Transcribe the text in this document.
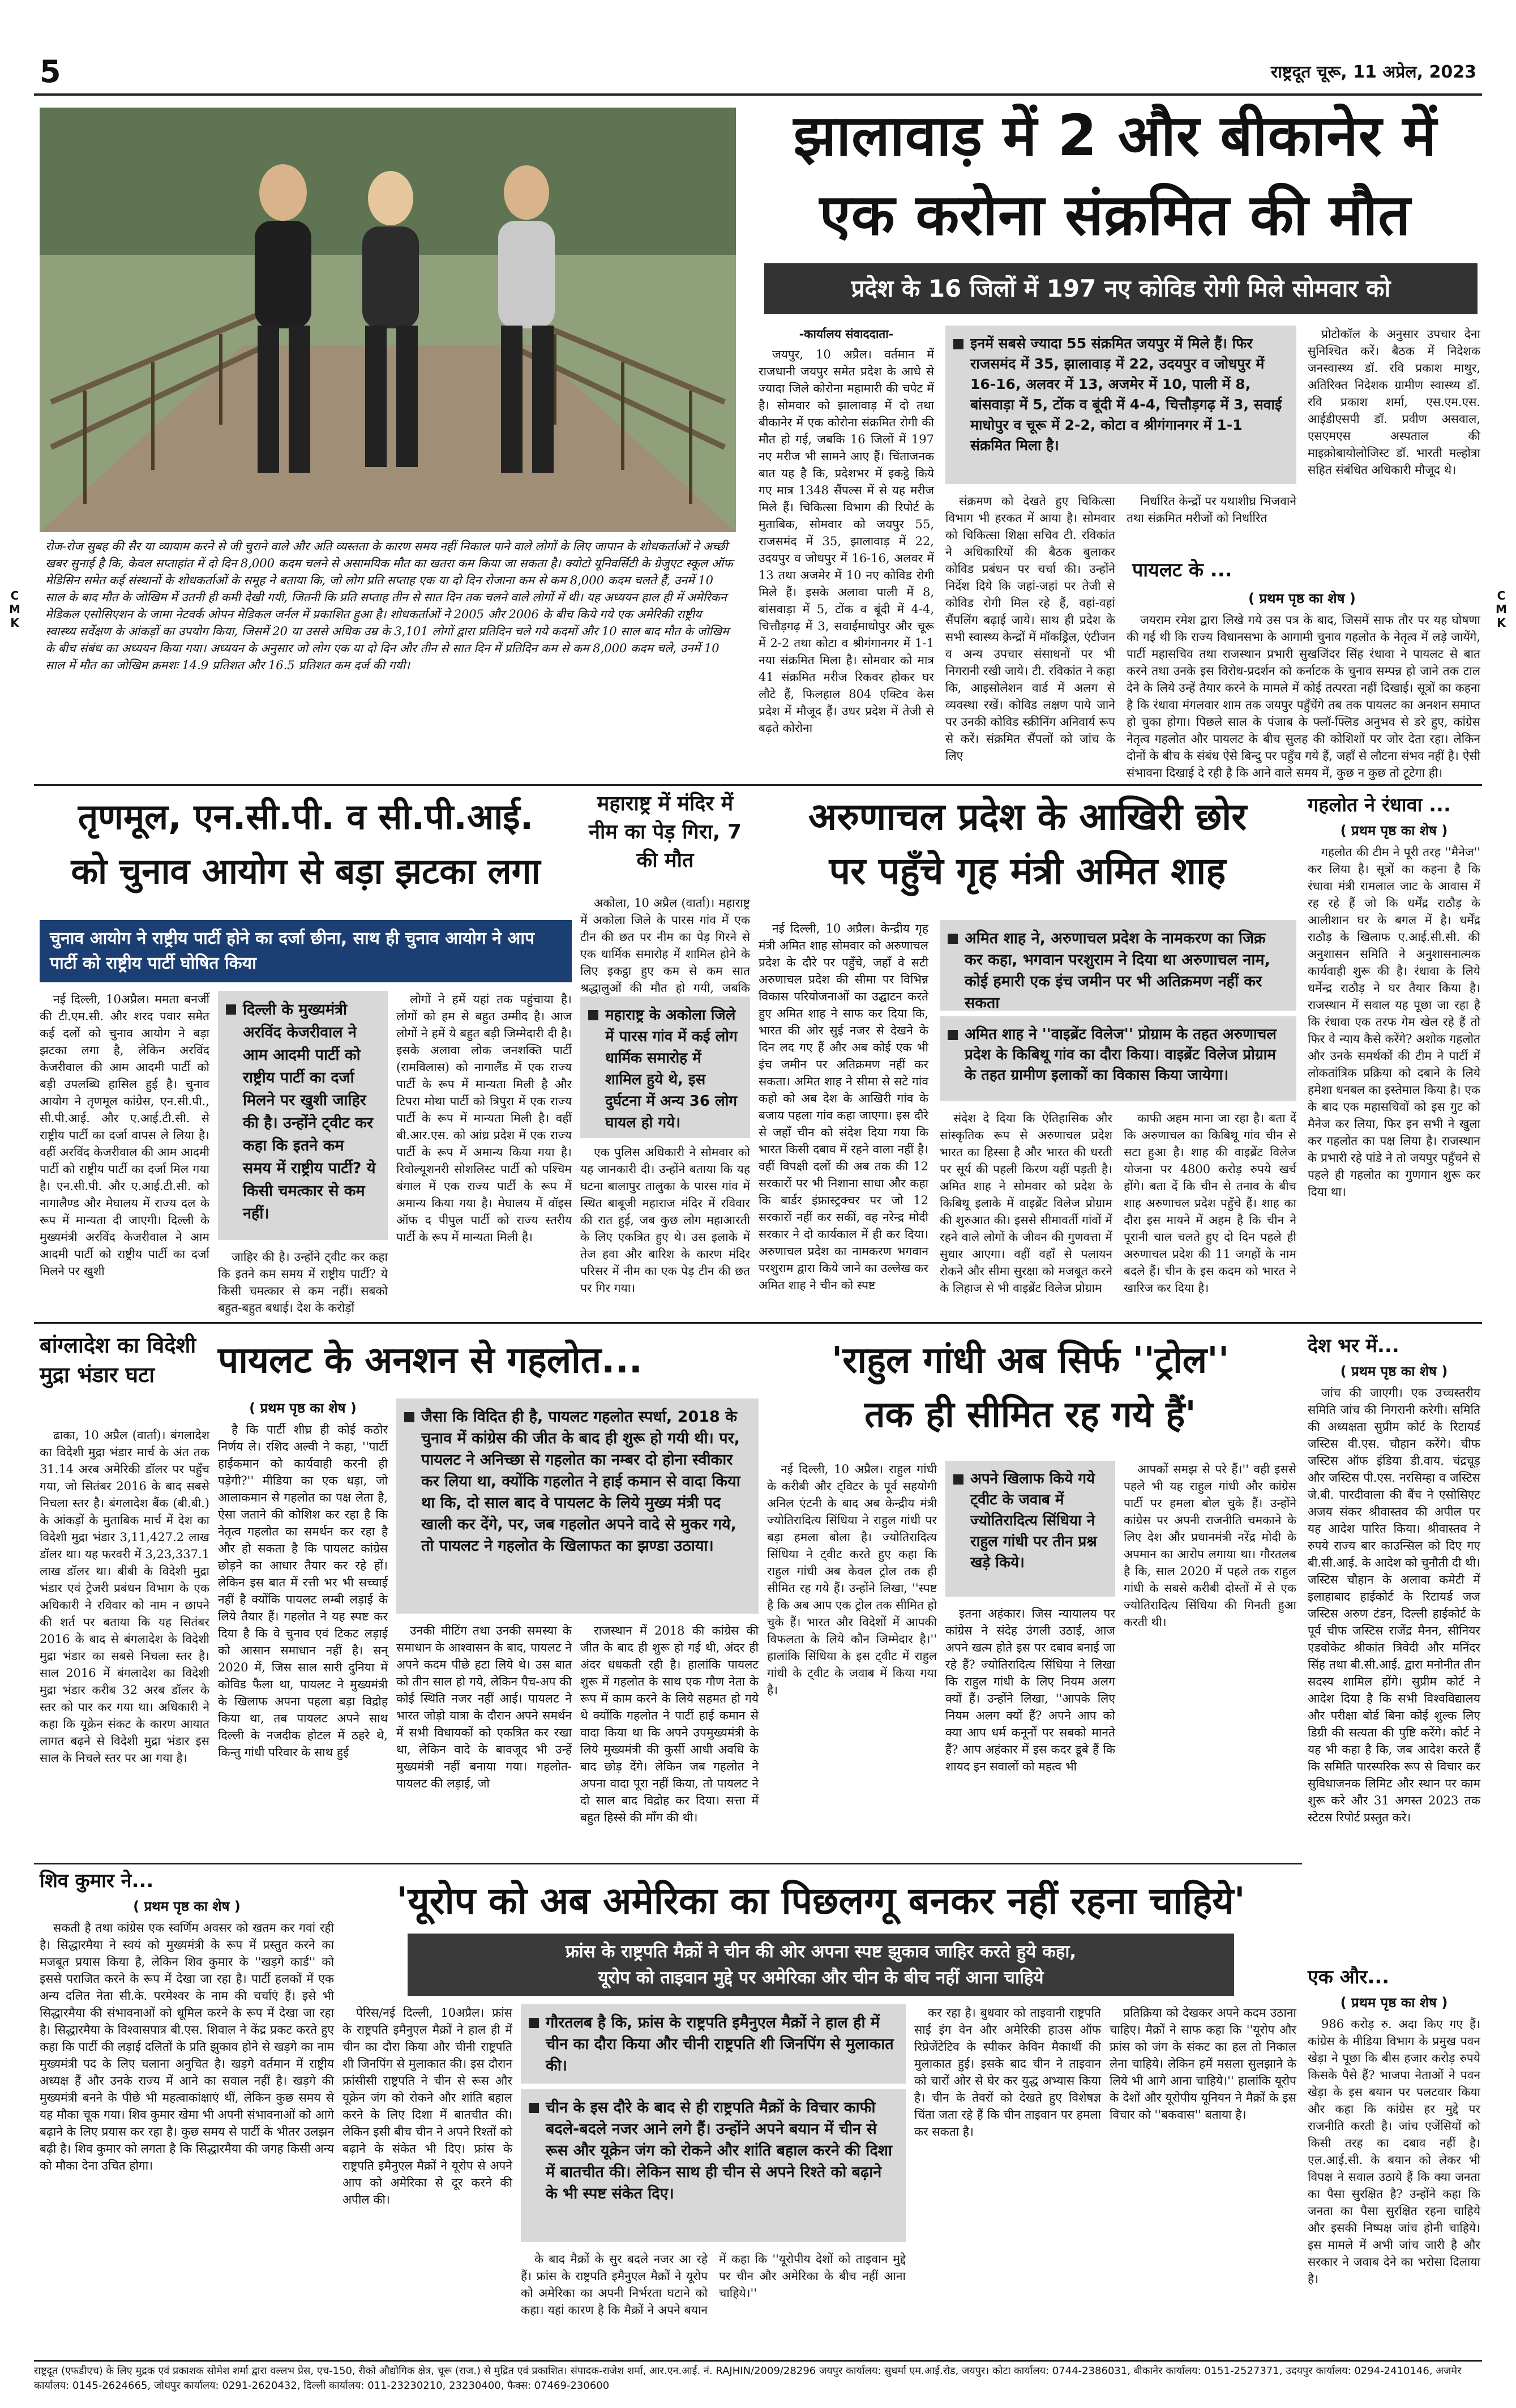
5	राष्ट्रदूत चूरू, 11 अप्रेल, 2023
C
M
K
C
M
K
रोज-रोज सुबह की सैर या व्यायाम करने से जी चुराने वाले और अति व्यस्तता के कारण समय नहीं निकाल पाने वाले लोगों के लिए जापान के शोधकर्ताओं ने अच्छी खबर सुनाई है कि, केवल सप्ताहांत में दो दिन 8,000 कदम चलने से असामयिक मौत का खतरा कम किया जा सकता है। क्योटो यूनिवर्सिटी के ग्रेजुएट स्कूल ऑफ मेडिसिन समेत कई संस्थानों के शोधकर्ताओं के समूह ने बताया कि, जो लोग प्रति सप्ताह एक या दो दिन रोजाना कम से कम 8,000 कदम चलते हैं, उनमें 10 साल के बाद मौत के जोखिम में उतनी ही कमी देखी गयी, जितनी कि प्रति सप्ताह तीन से सात दिन तक चलने वाले लोगों में थी। यह अध्ययन हाल ही में अमेरिकन मेडिकल एसोसिएशन के जामा नेटवर्क ओपन मेडिकल जर्नल में प्रकाशित हुआ है। शोधकर्ताओं ने 2005 और 2006 के बीच किये गये एक अमेरिकी राष्ट्रीय स्वास्थ्य सर्वेक्षण के आंकड़ों का उपयोग किया, जिसमें 20 या उससे अधिक उम्र के 3,101 लोगों द्वारा प्रतिदिन चले गये कदमों और 10 साल बाद मौत के जोखिम के बीच संबंध का अध्ययन किया गया। अध्ययन के अनुसार जो लोग एक या दो दिन और तीन से सात दिन में प्रतिदिन कम से कम 8,000 कदम चले, उनमें 10 साल में मौत का जोखिम क्रमशः 14.9 प्रतिशत और 16.5 प्रतिशत कम दर्ज की गयी।
झालावाड़ में 2 और बीकानेर में
एक करोना संक्रमित की मौत
प्रदेश के 16 जिलों में 197 नए कोविड रोगी मिले सोमवार को

-कार्यालय संवाददाता-

जयपुर, 10 अप्रैल। वर्तमान में राजधानी जयपुर समेत प्रदेश के आधे से ज्यादा जिले कोरोना महामारी की चपेट में है। सोमवार को झालावाड़ में दो तथा बीकानेर में एक कोरोना संक्रमित रोगी की मौत हो गई, जबकि 16 जिलों में 197 नए मरीज भी सामने आए हैं। चिंताजनक बात यह है कि, प्रदेशभर में इकट्ठे किये गए मात्र 1348 सैंपल्स में से यह मरीज मिले हैं। चिकित्सा विभाग की रिपोर्ट के मुताबिक, सोमवार को जयपुर 55, राजसमंद में 35, झालावाड़ में 22, उदयपुर व जोधपुर में 16-16, अलवर में 13 तथा अजमेर में 10 नए कोविड रोगी मिले हैं। इसके अलावा पाली में 8, बांसवाड़ा में 5, टोंक व बूंदी में 4-4, चित्तौड़गढ़ में 3, सवाईमाधोपुर और चूरू में 2-2 तथा कोटा व श्रीगंगानगर में 1-1 नया संक्रमित मिला है। सोमवार को मात्र 41 संक्रमित मरीज रिकवर होकर घर लौटे हैं, फिलहाल 804 एक्टिव केस प्रदेश में मौजूद हैं। उधर प्रदेश में तेजी से बढ़ते कोरोना

इनमें सबसे ज्यादा 55 संक्रमित जयपुर में मिले हैं। फिर राजसमंद में 35, झालावाड़ में 22, उदयपुर व जोधपुर में 16-16, अलवर में 13, अजमेर में 10, पाली में 8, बांसवाड़ा में 5, टोंक व बूंदी में 4-4, चित्तौड़गढ़ में 3, सवाई माधोपुर व चूरू में 2-2, कोटा व श्रीगंगानगर में 1-1 संक्रमित मिला है।

संक्रमण को देखते हुए चिकित्सा विभाग भी हरकत में आया है। सोमवार को चिकित्सा शिक्षा सचिव टी. रविकांत ने अधिकारियों की बैठक बुलाकर कोविड प्रबंधन पर चर्चा की। उन्होंने निर्देश दिये कि जहां-जहां पर तेजी से कोविड रोगी मिल रहे हैं, वहां-वहां सैंपलिंग बढ़ाई जाये। साथ ही प्रदेश के सभी स्वास्थ्य केन्द्रों में मॉकड्रिल, एंटीजन व अन्य उपचार संसाधनों पर भी निगरानी रखी जाये। टी. रविकांत ने कहा कि, आइसोलेशन वार्ड में अलग से व्यवस्था रखें। कोविड लक्षण पाये जाने पर उनकी कोविड स्क्रीनिंग अनिवार्य रूप से करें। संक्रमित सैंपलों को जांच के लिए

निर्धारित केन्द्रों पर यथाशीघ्र भिजवाने तथा संक्रमित मरीजों को निर्धारित

प्रोटोकॉल के अनुसार उपचार देना सुनिश्चित करें। बैठक में निदेशक जनस्वास्थ्य डॉ. रवि प्रकाश माथुर, अतिरिक्त निदेशक ग्रामीण स्वास्थ्य डॉ. रवि प्रकाश शर्मा, एस.एम.एस. आईडीएसपी डॉ. प्रवीण असवाल, एसएमएस अस्पताल की माइक्रोबायोलोजिस्ट डॉ. भारती मल्होत्रा सहित संबंधित अधिकारी मौजूद थे।

पायलट के ...
( प्रथम पृष्ठ का शेष )

जयराम रमेश द्वारा लिखे गये उस पत्र के बाद, जिसमें साफ तौर पर यह घोषणा की गई थी कि राज्य विधानसभा के आगामी चुनाव गहलोत के नेतृत्व में लड़े जायेंगे, पार्टी महासचिव तथा राजस्थान प्रभारी सुखजिंदर सिंह रंधावा ने पायलट से बात करने तथा उनके इस विरोध-प्रदर्शन को कर्नाटक के चुनाव सम्पन्न हो जाने तक टाल देने के लिये उन्हें तैयार करने के मामले में कोई तत्परता नहीं दिखाई। सूत्रों का कहना है कि रंधावा मंगलवार शाम तक जयपुर पहुँचेंगे तब तक पायलट का अनशन समाप्त हो चुका होगा। पिछले साल के पंजाब के फ्लॉ-फ्लिड अनुभव से डरे हुए, कांग्रेस नेतृत्व गहलोत और पायलट के बीच सुलह की कोशिशों पर जोर देता रहा। लेकिन दोनों के बीच के संबंध ऐसे बिन्दु पर पहुँच गये हैं, जहाँ से लौटना संभव नहीं है। ऐसी संभावना दिखाई दे रही है कि आने वाले समय में, कुछ न कुछ तो टूटेगा ही।

तृणमूल, एन.सी.पी. व सी.पी.आई.
को चुनाव आयोग से बड़ा झटका लगा
चुनाव आयोग ने राष्ट्रीय पार्टी होने का दर्जा छीना, साथ ही चुनाव आयोग ने आप पार्टी को राष्ट्रीय पार्टी घोषित किया

नई दिल्ली, 10अप्रैल। ममता बनर्जी की टी.एम.सी. और शरद पवार समेत कई दलों को चुनाव आयोग ने बड़ा झटका लगा है, लेकिन अरविंद केजरीवाल की आम आदमी पार्टी को बड़ी उपलब्धि हासिल हुई है। चुनाव आयोग ने तृणमूल कांग्रेस, एन.सी.पी., सी.पी.आई. और ए.आई.टी.सी. से राष्ट्रीय पार्टी का दर्जा वापस ले लिया है। वहीं अरविंद केजरीवाल की आम आदमी पार्टी को राष्ट्रीय पार्टी का दर्जा मिल गया है। एन.सी.पी. और ए.आई.टी.सी. को नागालैण्ड और मेघालय में राज्य दल के रूप में मान्यता दी जाएगी। दिल्ली के मुख्यमंत्री अरविंद केजरीवाल ने आम आदमी पार्टी को राष्ट्रीय पार्टी का दर्जा मिलने पर खुशी

दिल्ली के मुख्यमंत्री अरविंद केजरीवाल ने आम आदमी पार्टी को राष्ट्रीय पार्टी का दर्जा मिलने पर खुशी जाहिर की है। उन्होंने ट्वीट कर कहा कि इतने कम समय में राष्ट्रीय पार्टी? ये किसी चमत्कार से कम नहीं।

जाहिर की है। उन्होंने ट्वीट कर कहा कि इतने कम समय में राष्ट्रीय पार्टी? ये किसी चमत्कार से कम नहीं। सबको बहुत-बहुत बधाई। देश के करोड़ों

लोगों ने हमें यहां तक पहुंचाया है। लोगों को हम से बहुत उम्मीद है। आज लोगों ने हमें ये बहुत बड़ी जिम्मेदारी दी है। इसके अलावा लोक जनशक्ति पार्टी (रामविलास) को नागालैंड में एक राज्य पार्टी के रूप में मान्यता मिली है और टिपरा मोथा पार्टी को त्रिपुरा में एक राज्य पार्टी के रूप में मान्यता मिली है। वहीं बी.आर.एस. को आंध्र प्रदेश में एक राज्य पार्टी के रूप में अमान्य किया गया है। रिवोल्यूशनरी सोशलिस्ट पार्टी को पश्चिम बंगाल में एक राज्य पार्टी के रूप में अमान्य किया गया है। मेघालय में वॉइस ऑफ द पीपुल पार्टी को राज्य स्तरीय पार्टी के रूप में मान्यता मिली है।

महाराष्ट्र में मंदिर में नीम का पेड़ गिरा, 7 की मौत

अकोला, 10 अप्रैल (वार्ता)। महाराष्ट्र में अकोला जिले के पारस गांव में एक टीन की छत पर नीम का पेड़ गिरने से एक धार्मिक समारोह में शामिल होने के लिए इकट्ठा हुए कम से कम सात श्रद्धालुओं की मौत हो गयी, जबकि

महाराष्ट्र के अकोला जिले में पारस गांव में कई लोग धार्मिक समारोह में शामिल हुये थे, इस दुर्घटना में अन्य 36 लोग घायल हो गये।

एक पुलिस अधिकारी ने सोमवार को यह जानकारी दी। उन्होंने बताया कि यह घटना बालापुर तालुका के पारस गांव में स्थित बाबूजी महाराज मंदिर में रविवार की रात हुई, जब कुछ लोग महाआरती के लिए एकत्रित हुए थे। उस इलाके में तेज हवा और बारिश के कारण मंदिर परिसर में नीम का एक पेड़ टीन की छत पर गिर गया।

अरुणाचल प्रदेश के आखिरी छोर
पर पहुँचे गृह मंत्री अमित शाह

नई दिल्ली, 10 अप्रैल। केन्द्रीय गृह मंत्री अमित शाह सोमवार को अरुणाचल प्रदेश के दौरे पर पहुँचे, जहाँ वे सटी अरुणाचल प्रदेश की सीमा पर विभिन्न विकास परियोजनाओं का उद्घाटन करते हुए अमित शाह ने साफ कर दिया कि, भारत की ओर सुई नजर से देखने के दिन लद गए हैं और अब कोई एक भी इंच जमीन पर अतिक्रमण नहीं कर सकता। अमित शाह ने सीमा से सटे गांव कहो को अब देश के आखिरी गांव के बजाय पहला गांव कहा जाएगा। इस दौरे से जहाँ चीन को संदेश दिया गया कि भारत किसी दबाव में रहने वाला नहीं है। वहीं विपक्षी दलों की अब तक की 12 सरकारों पर भी निशाना साधा और कहा कि बार्डर इंफ्रास्ट्रक्चर पर जो 12 सरकारों नहीं कर सकीं, वह नरेन्द्र मोदी सरकार ने दो कार्यकाल में ही कर दिया। अरुणाचल प्रदेश का नामकरण भगवान परशुराम द्वारा किये जाने का उल्लेख कर अमित शाह ने चीन को स्पष्ट

अमित शाह ने, अरुणाचल प्रदेश के नामकरण का जिक्र कर कहा, भगवान परशुराम ने दिया था अरुणाचल नाम, कोई हमारी एक इंच जमीन पर भी अतिक्रमण नहीं कर सकता
अमित शाह ने ''वाइब्रेंट विलेज'' प्रोग्राम के तहत अरुणाचल प्रदेश के किबिथू गांव का दौरा किया। वाइब्रेंट विलेज प्रोग्राम के तहत ग्रामीण इलाकों का विकास किया जायेगा।

संदेश दे दिया कि ऐतिहासिक और सांस्कृतिक रूप से अरुणाचल प्रदेश भारत का हिस्सा है और भारत की धरती पर सूर्य की पहली किरण यहीं पड़ती है। अमित शाह ने सोमवार को प्रदेश के किबिथू इलाके में वाइब्रेंट विलेज प्रोग्राम की शुरुआत की। इससे सीमावर्ती गांवों में रहने वाले लोगों के जीवन की गुणवत्ता में सुधार आएगा। वहीं वहाँ से पलायन रोकने और सीमा सुरक्षा को मजबूत करने के लिहाज से भी वाइब्रेंट विलेज प्रोग्राम

काफी अहम माना जा रहा है। बता दें कि अरुणाचल का किबिथू गांव चीन से सटा हुआ है। शाह की वाइब्रेंट विलेज योजना पर 4800 करोड़ रुपये खर्च होंगे। बता दें कि चीन से तनाव के बीच शाह अरुणाचल प्रदेश पहुँचे हैं। शाह का दौरा इस मायने में अहम है कि चीन ने पूरानी चाल चलते हुए दो दिन पहले ही अरुणाचल प्रदेश की 11 जगहों के नाम बदले हैं। चीन के इस कदम को भारत ने खारिज कर दिया है।

गहलोत ने रंधावा ...
( प्रथम पृष्ठ का शेष )

गहलोत की टीम ने पूरी तरह ''मैनेज'' कर लिया है। सूत्रों का कहना है कि रंधावा मंत्री रामलाल जाट के आवास में रह रहे हैं जो कि धर्मेंद्र राठौड़ के आलीशान घर के बगल में है। धर्मेंद्र राठौड़ के खिलाफ ए.आई.सी.सी. की अनुशासन समिति ने अनुशासनात्मक कार्यवाही शुरू की है। रंधावा के लिये धर्मेन्द्र राठौड़ ने घर तैयार किया है। राजस्थान में सवाल यह पूछा जा रहा है कि रंधावा एक तरफ गेम खेल रहे हैं तो फिर वे न्याय कैसे करेंगे? अशोक गहलोत और उनके समर्थकों की टीम ने पार्टी में लोकतांत्रिक प्रक्रिया को दबाने के लिये हमेशा धनबल का इस्तेमाल किया है। एक के बाद एक महासचिवों को इस गुट को मैनेज कर लिया, फिर इन सभी ने खुला कर गहलोत का पक्ष लिया है। राजस्थान के प्रभारी रहे पांडे ने तो जयपुर पहुँचने से पहले ही गहलोत का गुणगान शुरू कर दिया था।

बांग्लादेश का विदेशी मुद्रा भंडार घटा

ढाका, 10 अप्रैल (वार्ता)। बंगलादेश का विदेशी मुद्रा भंडार मार्च के अंत तक 31.14 अरब अमेरिकी डॉलर पर पहुँच गया, जो सितंबर 2016 के बाद सबसे निचला स्तर है। बंगलादेश बैंक (बी.बी.) के आंकड़ों के मुताबिक मार्च में देश का विदेशी मुद्रा भंडार 3,11,427.2 लाख डॉलर था। यह फरवरी में 3,23,337.1 लाख डॉलर था। बीबी के विदेशी मुद्रा भंडार एवं ट्रेजरी प्रबंधन विभाग के एक अधिकारी ने रविवार को नाम न छापने की शर्त पर बताया कि यह सितंबर 2016 के बाद से बंगलादेश के विदेशी मुद्रा भंडार का सबसे निचला स्तर है। साल 2016 में बंगलादेश का विदेशी मुद्रा भंडार करीब 32 अरब डॉलर के स्तर को पार कर गया था। अधिकारी ने कहा कि यूक्रेन संकट के कारण आयात लागत बढ़ने से विदेशी मुद्रा भंडार इस साल के निचले स्तर पर आ गया है।

पायलट के अनशन से गहलोत...
( प्रथम पृष्ठ का शेष )

है कि पार्टी शीघ्र ही कोई कठोर निर्णय ले। रशिद अल्वी ने कहा, ''पार्टी हाईकमान को कार्यवाही करनी ही पड़ेगी?'' मीडिया का एक धड़ा, जो आलाकमान से गहलोत का पक्ष लेता है, ऐसा जताने की कोशिश कर रहा है कि नेतृत्व गहलोत का समर्थन कर रहा है और हो सकता है कि पायलट कांग्रेस छोड़ने का आधार तैयार कर रहे हों। लेकिन इस बात में रत्ती भर भी सच्चाई नहीं है क्योंकि पायलट लम्बी लड़ाई के लिये तैयार हैं। गहलोत ने यह स्पष्ट कर दिया है कि वे चुनाव एवं टिकट लड़ाई को आसान समाधान नहीं है। सन् 2020 में, जिस साल सारी दुनिया में कोविड फैला था, पायलट ने मुख्यमंत्री के खिलाफ अपना पहला बड़ा विद्रोह किया था, तब पायलट अपने साथ दिल्ली के नजदीक होटल में ठहरे थे, किन्तु गांधी परिवार के साथ हुई

जैसा कि विदित ही है, पायलट गहलोत स्पर्धा, 2018 के चुनाव में कांग्रेस की जीत के बाद ही शुरू हो गयी थी। पर, पायलट ने अनिच्छा से गहलोत का नम्बर दो होना स्वीकार कर लिया था, क्योंकि गहलोत ने हाई कमान से वादा किया था कि, दो साल बाद वे पायलट के लिये मुख्य मंत्री पद खाली कर देंगे, पर, जब गहलोत अपने वादे से मुकर गये, तो पायलट ने गहलोत के खिलाफत का झण्डा उठाया।

उनकी मीटिंग तथा उनकी समस्या के समाधान के आश्वासन के बाद, पायलट ने अपने कदम पीछे हटा लिये थे। उस बात को तीन साल हो गये, लेकिन पैच-अप की कोई स्थिति नजर नहीं आई। पायलट ने भारत जोड़ो यात्रा के दौरान अपने समर्थन में सभी विधायकों को एकत्रित कर रखा था, लेकिन वादे के बावजूद भी उन्हें मुख्यमंत्री नहीं बनाया गया। गहलोत-पायलट की लड़ाई, जो

राजस्थान में 2018 की कांग्रेस की जीत के बाद ही शुरू हो गई थी, अंदर ही अंदर धधकती रही है। हालांकि पायलट शुरू में गहलोत के साथ एक गौण नेता के रूप में काम करने के लिये सहमत हो गये थे क्योंकि गहलोत ने पार्टी हाई कमान से वादा किया था कि अपने उपमुख्यमंत्री के लिये मुख्यमंत्री की कुर्सी आधी अवधि के बाद छोड़ देंगे। लेकिन जब गहलोत ने अपना वादा पूरा नहीं किया, तो पायलट ने दो साल बाद विद्रोह कर दिया। सत्ता में बहुत हिस्से की माँग की थी।

'राहुल गांधी अब सिर्फ ''ट्रोल''
तक ही सीमित रह गये हैं'

नई दिल्ली, 10 अप्रैल। राहुल गांधी के करीबी और ट्विटर के पूर्व सहयोगी अनिल एंटनी के बाद अब केन्द्रीय मंत्री ज्योतिरादित्य सिंधिया ने राहुल गांधी पर बड़ा हमला बोला है। ज्योतिरादित्य सिंधिया ने ट्वीट करते हुए कहा कि राहुल गांधी अब केवल ट्रोल तक ही सीमित रह गये हैं। उन्होंने लिखा, ''स्पष्ट है कि अब आप एक ट्रोल तक सीमित हो चुके हैं। भारत और विदेशों में आपकी विफलता के लिये कौन जिम्मेदार है।'' हालांकि सिंधिया के इस ट्वीट में राहुल गांधी के ट्वीट के जवाब में किया गया है।

अपने खिलाफ किये गये ट्वीट के जवाब में ज्योतिरादित्य सिंधिया ने राहुल गांधी पर तीन प्रश्न खड़े किये।

इतना अहंकार। जिस न्यायालय पर कांग्रेस ने संदेह उंगली उठाई, आज अपने खत्म होते इस पर दबाव बनाई जा रहे हैं? ज्योतिरादित्य सिंधिया ने लिखा कि राहुल गांधी के लिए नियम अलग क्यों हैं। उन्होंने लिखा, ''आपके लिए नियम अलग क्यों हैं? अपने आप को क्या आप धर्म कनूनों पर सबको मानते हैं? आप अहंकार में इस कदर डूबे हैं कि शायद इन सवालों को महत्व भी

आपकों समझ से परे हैं।'' वही इससे पहले भी यह राहुल गांधी और कांग्रेस पार्टी पर हमला बोल चुके हैं। उन्होंने कांग्रेस पर अपनी राजनीति चमकाने के लिए देश और प्रधानमंत्री नरेंद्र मोदी के अपमान का आरोप लगाया था। गौरतलब है कि, साल 2020 में पहले तक राहुल गांधी के सबसे करीबी दोस्तों में से एक ज्योतिरादित्य सिंधिया की गिनती हुआ करती थी।

देश भर में...
( प्रथम पृष्ठ का शेष )

जांच की जाएगी। एक उच्चस्तरीय समिति जांच की निगरानी करेगी। समिति की अध्यक्षता सुप्रीम कोर्ट के रिटायर्ड जस्टिस वी.एस. चौहान करेंगे। चीफ जस्टिस ऑफ इंडिया डी.वाय. चंद्रचूड़ और जस्टिस पी.एस. नरसिम्हा व जस्टिस जे.बी. पारदीवाला की बैंच ने एसोसिएट अजय संकर श्रीवास्तव की अपील पर यह आदेश पारित किया। श्रीवास्तव ने रुपये राज्य बार काउन्सिल को दिए गए बी.सी.आई. के आदेश को चुनौती दी थी। जस्टिस चौहान के अलावा कमेटी में इलाहाबाद हाईकोर्ट के रिटायर्ड जज जस्टिस अरुण टंडन, दिल्ली हाईकोर्ट के पूर्व चीफ जस्टिस राजेंद्र मैनन, सीनियर एडवोकेट श्रीकांत त्रिवेदी और मनिंदर सिंह तथा बी.सी.आई. द्वारा मनोनीत तीन सदस्य शामिल होंगे। सुप्रीम कोर्ट ने आदेश दिया है कि सभी विश्वविद्यालय और परीक्षा बोर्ड बिना कोई शुल्क लिए डिग्री की सत्यता की पुष्टि करेंगे। कोर्ट ने यह भी कहा है कि, जब आदेश करते हैं कि समिति पारस्परिक रूप से विचार कर सुविधाजनक लिमिट और स्थान पर काम शुरू करे और 31 अगस्त 2023 तक स्टेटस रिपोर्ट प्रस्तुत करे।

शिव कुमार ने...
( प्रथम पृष्ठ का शेष )

सकती है तथा कांग्रेस एक स्वर्णिम अवसर को खतम कर गवां रही है। सिद्धारमैया ने स्वयं को मुख्यमंत्री के रूप में प्रस्तुत करने का मजबूत प्रयास किया है, लेकिन शिव कुमार के ''खड़गे कार्ड'' को इससे पराजित करने के रूप में देखा जा रहा है। पार्टी हलकों में एक अन्य दलित नेता सी.के. परमेश्वर के नाम की चर्चाएं हैं। इसे भी सिद्धारमैया की संभावनाओं को धूमिल करने के रूप में देखा जा रहा है। सिद्धारमैया के विश्वासपात्र बी.एस. शिवाल ने केंद्र प्रकट करते हुए कहा कि पार्टी की लड़ाई दलितों के प्रति झुकाव होने से खड़गे का नाम मुख्यमंत्री पद के लिए चलाना अनुचित है। खड़गे वर्तमान में राष्ट्रीय अध्यक्ष हैं और उनके राज्य में आने का सवाल नहीं है। खड़गे की मुख्यमंत्री बनने के पीछे भी महत्वाकांक्षाएं थीं, लेकिन कुछ समय से यह मौका चूक गया। शिव कुमार खेमा भी अपनी संभावनाओं को आगे बढ़ाने के लिए प्रयास कर रहा है। कुछ समय से पार्टी के भीतर उलझन बढ़ी है। शिव कुमार को लगता है कि सिद्धारमैया की जगह किसी अन्य को मौका देना उचित होगा।

'यूरोप को अब अमेरिका का पिछलग्गू बनकर नहीं रहना चाहिये'
फ्रांस के राष्ट्रपति मैक्रों ने चीन की ओर अपना स्पष्ट झुकाव जाहिर करते हुये कहा,
यूरोप को ताइवान मुद्दे पर अमेरिका और चीन के बीच नहीं आना चाहिये

पेरिस/नई दिल्ली, 10अप्रैल। फ्रांस के राष्ट्रपति इमैनुएल मैक्रों ने हाल ही में चीन का दौरा किया और चीनी राष्ट्रपति शी जिनपिंग से मुलाकात की। इस दौरान फ्रांसीसी राष्ट्रपति ने चीन से रूस और यूक्रेन जंग को रोकने और शांति बहाल करने के लिए दिशा में बातचीत की। लेकिन इसी बीच चीन ने अपने रिश्तों को बढ़ाने के संकेत भी दिए। फ्रांस के राष्ट्रपति इमैनुएल मैक्रों ने यूरोप से अपने आप को अमेरिका से दूर करने की अपील की।

गौरतलब है कि, फ्रांस के राष्ट्रपति इमैनुएल मैक्रों ने हाल ही में चीन का दौरा किया और चीनी राष्ट्रपति शी जिनपिंग से मुलाकात की।
चीन के इस दौरे के बाद से ही राष्ट्रपति मैक्रों के विचार काफी बदले-बदले नजर आने लगे हैं। उन्होंने अपने बयान में चीन से रूस और यूक्रेन जंग को रोकने और शांति बहाल करने की दिशा में बातचीत की। लेकिन साथ ही चीन से अपने रिश्ते को बढ़ाने के भी स्पष्ट संकेत दिए।

के बाद मैक्रों के सुर बदले नजर आ रहे हैं। फ्रांस के राष्ट्रपति इमैनुएल मैक्रों ने यूरोप को अमेरिका का अपनी निर्भरता घटाने को कहा। यहां कारण है कि मैक्रों ने अपने बयान में कहा कि ''यूरोपीय देशों को ताइवान मुद्दे पर चीन और अमेरिका के बीच नहीं आना चाहिये।''

कर रहा है। बुधवार को ताइवानी राष्ट्रपति साई इंग वेन और अमेरिकी हाउस ऑफ रिप्रेजेंटेटिव के स्पीकर केविन मैकार्थी की मुलाकात हुई। इसके बाद चीन ने ताइवान को चारों ओर से घेर कर युद्ध अभ्यास किया है। चीन के तेवरों को देखते हुए विशेषज्ञ चिंता जता रहे हैं कि चीन ताइवान पर हमला कर सकता है।

प्रतिक्रिया को देखकर अपने कदम उठाना चाहिए। मैक्रों ने साफ कहा कि ''यूरोप और फ्रांस को जंग के संकट का हल तो निकाल लेना चाहिये। लेकिन हमें मसला सुलझाने के लिये भी आगे आना चाहिये।'' हालांकि यूरोप के देशों और यूरोपीय यूनियन ने मैक्रों के इस विचार को ''बकवास'' बताया है।

एक और...
( प्रथम पृष्ठ का शेष )

986 करोड़ रु. अदा किए गए हैं। कांग्रेस के मीडिया विभाग के प्रमुख पवन खेड़ा ने पूछा कि बीस हजार करोड़ रुपये किसके पैसे हैं? भाजपा नेताओं ने पवन खेड़ा के इस बयान पर पलटवार किया और कहा कि कांग्रेस हर मुद्दे पर राजनीति करती है। जांच एजेंसियों को किसी तरह का दबाव नहीं है। एल.आई.सी. के बयान को लेकर भी विपक्ष ने सवाल उठाये हैं कि क्या जनता का पैसा सुरक्षित है? उन्होंने कहा कि जनता का पैसा सुरक्षित रहना चाहिये और इसकी निष्पक्ष जांच होनी चाहिये। इस मामले में अभी जांच जारी है और सरकार ने जवाब देने का भरोसा दिलाया है।

राष्ट्रदूत (एफडीएच) के लिए मुद्रक एवं प्रकाशक सोमेश शर्मा द्वारा वल्लभ प्रेस, एच-150, रीको औद्योगिक क्षेत्र, चूरू (राज.) से मुद्रित एवं प्रकाशित। संपादक-राजेश शर्मा, आर.एन.आई. नं. RAJHIN/2009/28296 जयपुर कार्यालय: सुधर्मा एम.आई.रोड, जयपुर। कोटा कार्यालय: 0744-2386031, बीकानेर कार्यालय: 0151-2527371, उदयपुर कार्यालय: 0294-2410146, अजमेर कार्यालय: 0145-2624665, जोधपुर कार्यालय: 0291-2620432, दिल्ली कार्यालय: 011-23230210, 23230400, फैक्स: 07469-230600
